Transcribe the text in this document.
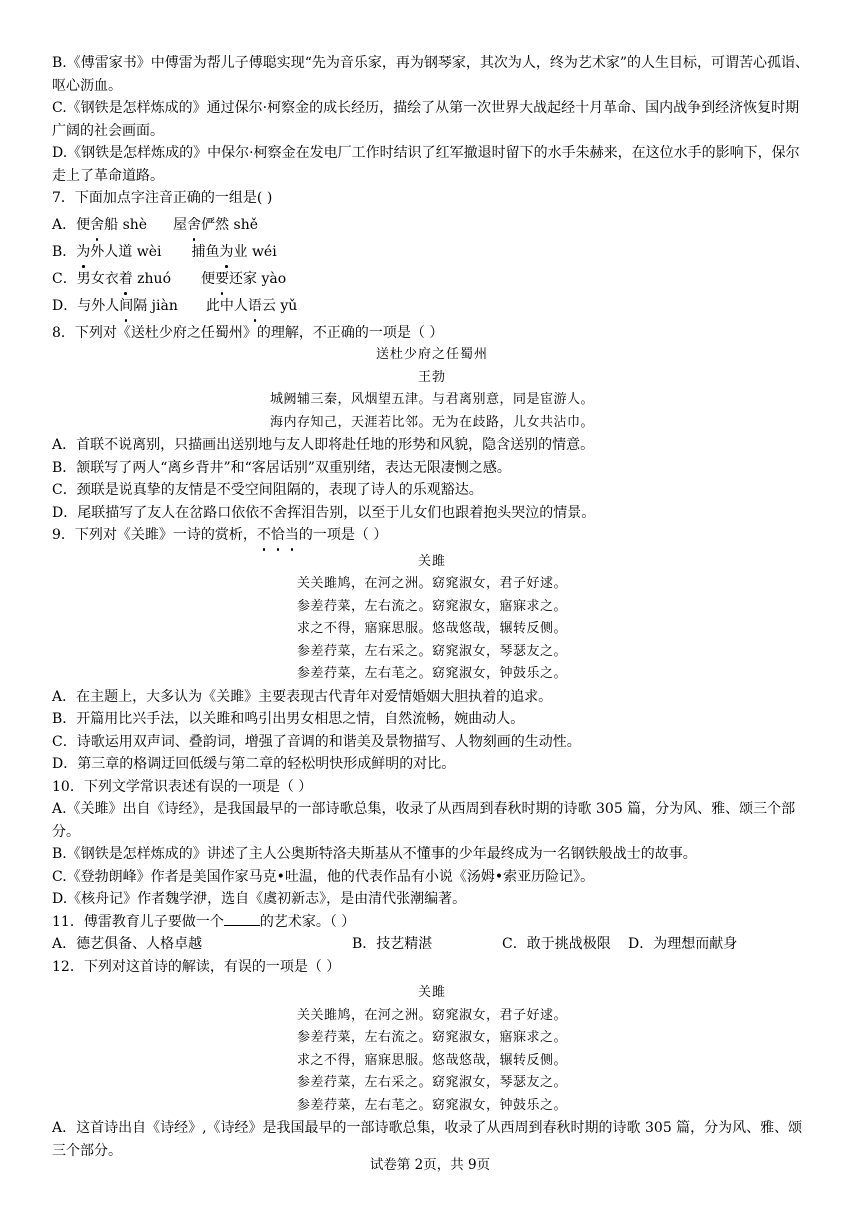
B.《傅雷家书》中傅雷为帮儿子傅聪实现“先为音乐家，再为钢琴家，其次为人，终为艺术家”的人生目标，可谓苦心孤诣、呕心沥血。

C.《钢铁是怎样炼成的》通过保尔·柯察金的成长经历，描绘了从第一次世界大战起经十月革命、国内战争到经济恢复时期广阔的社会画面。

D.《钢铁是怎样炼成的》中保尔·柯察金在发电厂工作时结识了红军撤退时留下的水手朱赫来，在这位水手的影响下，保尔走上了革命道路。

7．下面加点字注音正确的一组是( )

A．便舍船 shè 屋舍俨然 shě

B．为外人道 wèi 捕鱼为业 wéi

C．男女衣着 zhuó 便要还家 yào

D．与外人间隔 jiàn 此中人语云 yǔ

8．下列对《送杜少府之任蜀州》的理解，不正确的一项是（ ）

送杜少府之任蜀州

王勃

城阙辅三秦，风烟望五津。与君离别意，同是宦游人。

海内存知己，天涯若比邻。无为在歧路，儿女共沾巾。

A．首联不说离别，只描画出送别地与友人即将赴任地的形势和风貌，隐含送别的情意。

B．颔联写了两人“离乡背井”和“客居话别”双重别绪，表达无限凄恻之感。

C．颈联是说真挚的友情是不受空间阻隔的，表现了诗人的乐观豁达。

D．尾联描写了友人在岔路口依依不舍挥泪告别，以至于儿女们也跟着抱头哭泣的情景。

9．下列对《关雎》一诗的赏析，不恰当的一项是（ ）

关雎

关关雎鸠，在河之洲。窈窕淑女，君子好逑。

参差荇菜，左右流之。窈窕淑女，寤寐求之。

求之不得，寤寐思服。悠哉悠哉，辗转反侧。

参差荇菜，左右采之。窈窕淑女，琴瑟友之。

参差荇菜，左右芼之。窈窕淑女，钟鼓乐之。

A．在主题上，大多认为《关雎》主要表现古代青年对爱情婚姻大胆执着的追求。

B．开篇用比兴手法，以关雎和鸣引出男女相思之情，自然流畅，婉曲动人。

C．诗歌运用双声词、叠韵词，增强了音调的和谐美及景物描写、人物刻画的生动性。

D．第三章的格调迂回低缓与第二章的轻松明快形成鲜明的对比。

10．下列文学常识表述有误的一项是（ ）

A.《关雎》出自《诗经》，是我国最早的一部诗歌总集，收录了从西周到春秋时期的诗歌 305 篇，分为风、雅、颂三个部分。

B.《钢铁是怎样炼成的》讲述了主人公奥斯特洛夫斯基从不懂事的少年最终成为一名钢铁般战士的故事。

C.《登勃朗峰》作者是美国作家马克•吐温，他的代表作品有小说《汤姆•索亚历险记》。

D.《核舟记》作者魏学洢，选自《虞初新志》，是由清代张潮编著。

11．傅雷教育儿子要做一个	的艺术家。（ ）

A．德艺俱备、人格卓越	B．技艺精湛	C．敢于挑战极限	D．为理想而献身

12．下列对这首诗的解读，有误的一项是（ ）

关雎

关关雎鸠，在河之洲。窈窕淑女，君子好逑。

参差荇菜，左右流之。窈窕淑女，寤寐求之。

求之不得，寤寐思服。悠哉悠哉，辗转反侧。

参差荇菜，左右采之。窈窕淑女，琴瑟友之。

参差荇菜，左右芼之。窈窕淑女，钟鼓乐之。

A．这首诗出自《诗经》,《诗经》是我国最早的一部诗歌总集，收录了从西周到春秋时期的诗歌 305 篇，分为风、雅、颂三个部分。

试卷第 2页，共 9页
